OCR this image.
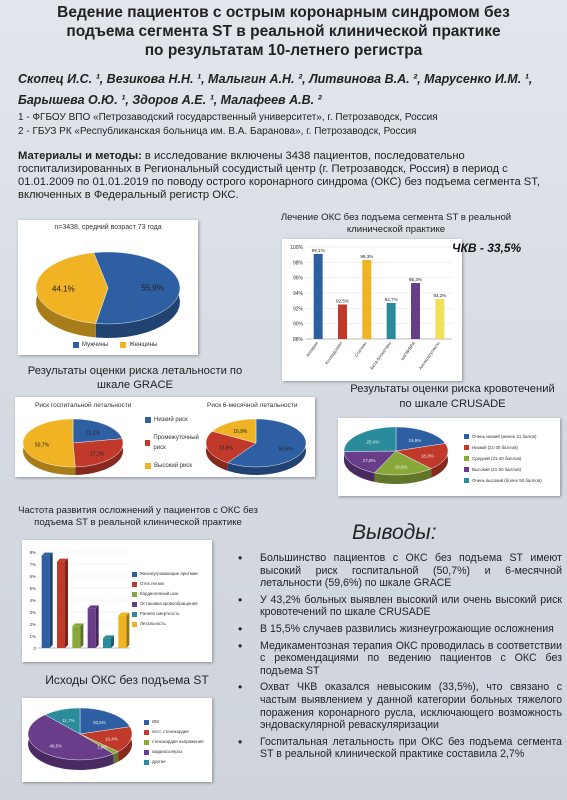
Ведение пациентов с острым коронарным синдромом без
подъема сегмента ST в реальной клинической практике
по результатам 10-летнего регистра
Скопец И.С. ¹, Везикова Н.Н. ¹, Малыгин А.Н. ², Литвинова В.А. ², Марусенко И.М. ¹,
Барышева О.Ю. ¹, Здоров А.Е. ¹, Малафеев А.В. ²
1 - ФГБОУ ВПО «Петрозаводский государственный университет», г. Петрозаводск, Россия
2 - ГБУЗ РК «Республиканская больница им. В.А. Баранова», г. Петрозаводск, Россия
Материалы и методы: в исследование включены 3438 пациентов, последовательно госпитализированных в Региональный сосудистый центр (г. Петрозаводск, Россия) в период с 01.01.2009 по 01.01.2019 по поводу острого коронарного синдрома (ОКС) без подъема сегмента ST, включенных в Федеральный регистр ОКС.
n=3438, средний возраст 73 года
55.9%
44.1%
Мужчины	Женщины
Лечение ОКС без подъема сегмента ST в реальной клинической практике
88%
90%
92%
94%
96%
98%
100% 99,1%
Аспирин
92,5%
Клопидогрел
98,3%
Статины
92,7%
Бета-блокаторы
95,3%
иАПФ/БРА
93,2%
Антикоагулянты
ЧКВ - 33,5%
Результаты оценки риска летальности по шкале GRACE
Риск госпитальной летальности	Риск 6-месячной летальности
22,1%
27,2%
50,7%
59,6%
23,5%
16,9%
Низкий риск
Промежуточный риск
Высокий риск
Результаты оценки риска кровотечений по шкале CRUSADE
19,9%
18,3%
18,6%
17,8%
25,4%
Очень низкий (менее 21 балла)
Низкий (21-30 баллов)
Средний (31-40 баллов)
Высокий (41-50 баллов)
Очень высокий (более 50 баллов)
Частота развития осложнений у пациентов с ОКС без подъема ST в реальной клинической практике
0
1%
2%
3%
4%
5%
6%
7%
8%
Жизнеугрожающие аритмии
Отек легких
Кардиогенный шок
Остановка кровообращения
Ранняя смертность
Летальность
Исходы ОКС без подъема ST
20,5%
16,4%
1,9%
49,5%
11,7%	ИМ
нест. стенокардия
стенокардия напряжения
кардиосклероз
другие
Выводы:
• Большинство пациентов с ОКС без подъема ST имеют высокий риск госпитальной (50,7%) и 6-месячной летальности (59,6%) по шкале GRACE
• У 43,2% больных выявлен высокий или очень высокий риск кровотечений по шкале CRUSADE
• В 15,5% случаев развились жизнеугрожающие осложнения
• Медикаментозная терапия ОКС проводилась в соответствии с рекомендациями по ведению пациентов с ОКС без подъема ST
• Охват ЧКВ оказался невысоким (33,5%), что связано с частым выявлением у данной категории больных тяжелого поражения коронарного русла, исключающего возможность эндоваскулярной реваскуляризации
• Госпитальная летальность при ОКС без подъема сегмента ST в реальной клинической практике составила 2,7%
